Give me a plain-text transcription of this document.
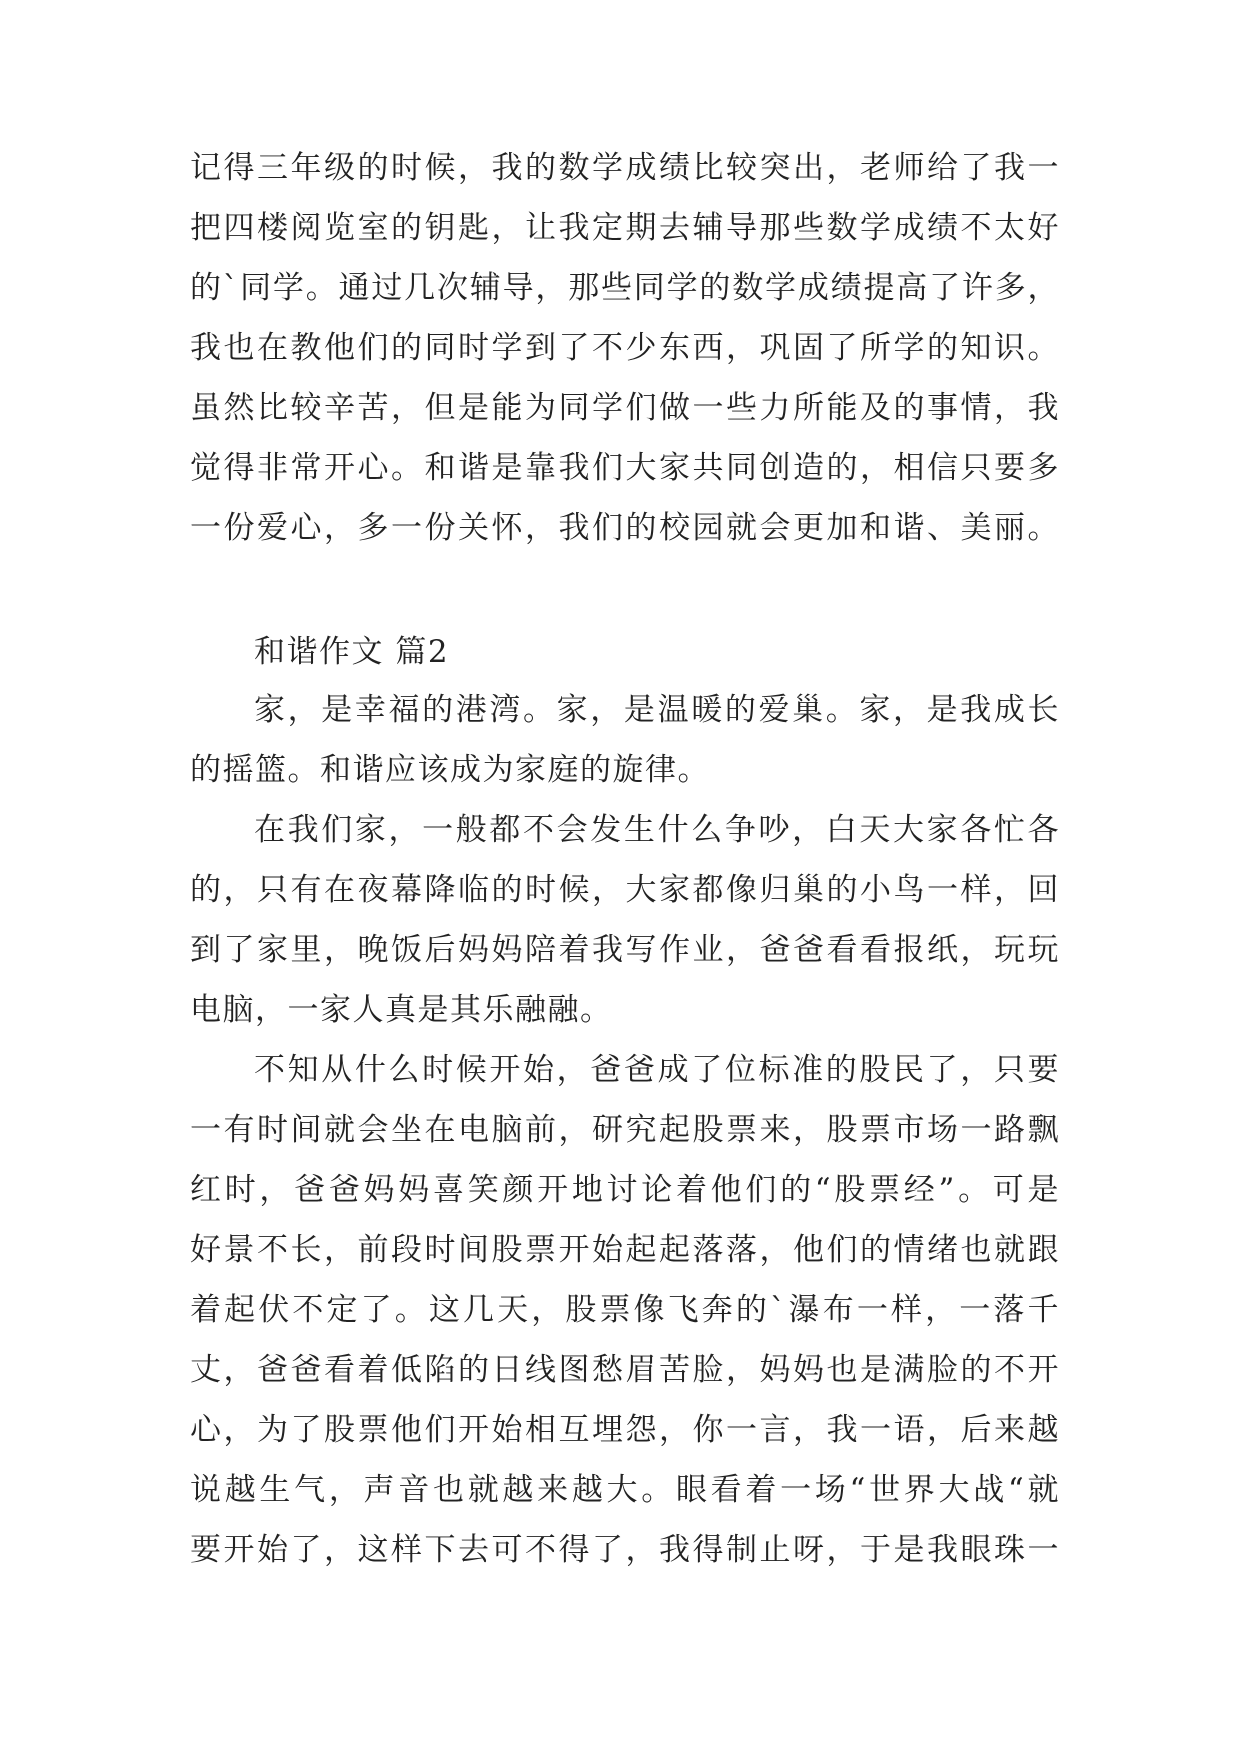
记得三年级的时候，我的数学成绩比较突出，老师给了我一
把四楼阅览室的钥匙，让我定期去辅导那些数学成绩不太好
的`同学。通过几次辅导，那些同学的数学成绩提高了许多，
我也在教他们的同时学到了不少东西，巩固了所学的知识。
虽然比较辛苦，但是能为同学们做一些力所能及的事情，我
觉得非常开心。和谐是靠我们大家共同创造的，相信只要多
一份爱心，多一份关怀，我们的校园就会更加和谐、美丽。
和谐作文 篇2
家，是幸福的港湾。家，是温暖的爱巢。家，是我成长
的摇篮。和谐应该成为家庭的旋律。
在我们家，一般都不会发生什么争吵，白天大家各忙各
的，只有在夜幕降临的时候，大家都像归巢的小鸟一样，回
到了家里，晚饭后妈妈陪着我写作业，爸爸看看报纸，玩玩
电脑，一家人真是其乐融融。
不知从什么时候开始，爸爸成了位标准的股民了，只要
一有时间就会坐在电脑前，研究起股票来，股票市场一路飘
红时，爸爸妈妈喜笑颜开地讨论着他们的“股票经”。可是
好景不长，前段时间股票开始起起落落，他们的情绪也就跟
着起伏不定了。这几天，股票像飞奔的`瀑布一样，一落千
丈，爸爸看着低陷的日线图愁眉苦脸，妈妈也是满脸的不开
心，为了股票他们开始相互埋怨，你一言，我一语，后来越
说越生气，声音也就越来越大。眼看着一场“世界大战“就
要开始了，这样下去可不得了，我得制止呀，于是我眼珠一
